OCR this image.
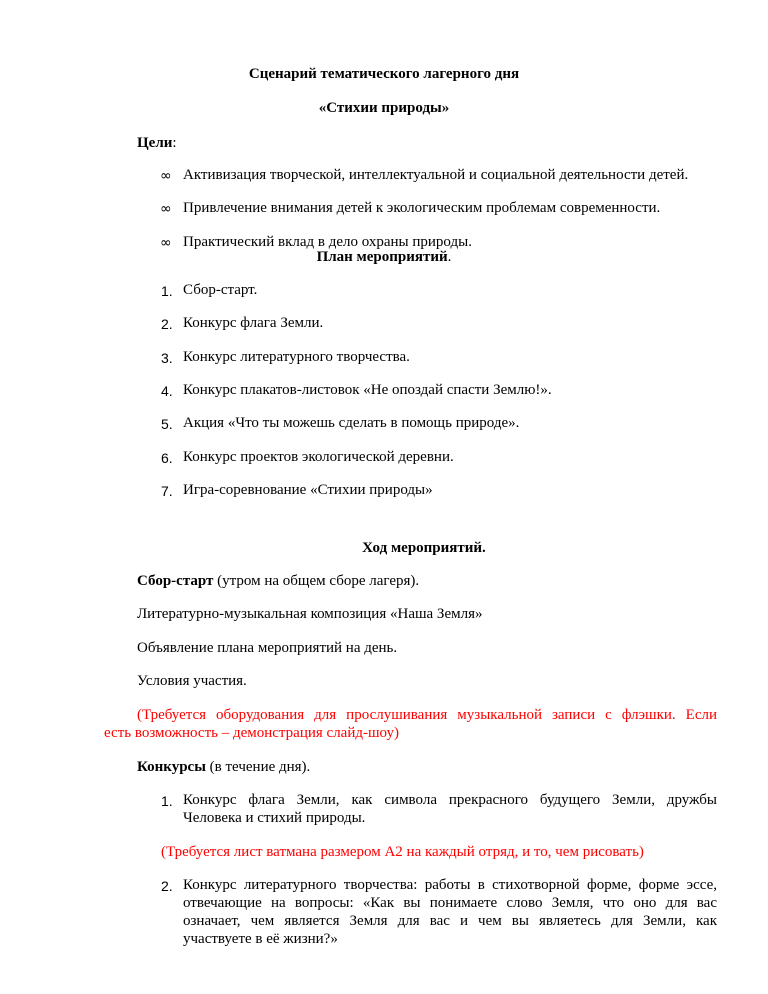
Сценарий тематического лагерного дня
«Стихии природы»
Цели:
∞ Активизация творческой, интеллектуальной и социальной деятельности детей.
∞ Привлечение внимания детей к экологическим проблемам современности.
∞ Практический вклад в дело охраны природы.
План мероприятий.
1. Сбор-старт.
2. Конкурс флага Земли.
3. Конкурс литературного творчества.
4. Конкурс плакатов-листовок «Не опоздай спасти Землю!».
5. Акция «Что ты можешь сделать в помощь природе».
6. Конкурс проектов экологической деревни.
7. Игра-соревнование «Стихии природы»
Ход мероприятий.
Сбор-старт (утром на общем сборе лагеря).
Литературно-музыкальная композиция «Наша Земля»
Объявление плана мероприятий на день.
Условия участия.
(Требуется оборудования для прослушивания музыкальной записи с флэшки. Если
есть возможность – демонстрация слайд-шоу)
Конкурсы (в течение дня).
1. Конкурс флага Земли, как символа прекрасного будущего Земли, дружбы
Человека и стихий природы.
(Требуется лист ватмана размером А2 на каждый отряд, и то, чем рисовать)
2. Конкурс литературного творчества: работы в стихотворной форме, форме эссе,
отвечающие на вопросы: «Как вы понимаете слово Земля, что оно для вас
означает, чем является Земля для вас и чем вы являетесь для Земли, как
участвуете в её жизни?»
